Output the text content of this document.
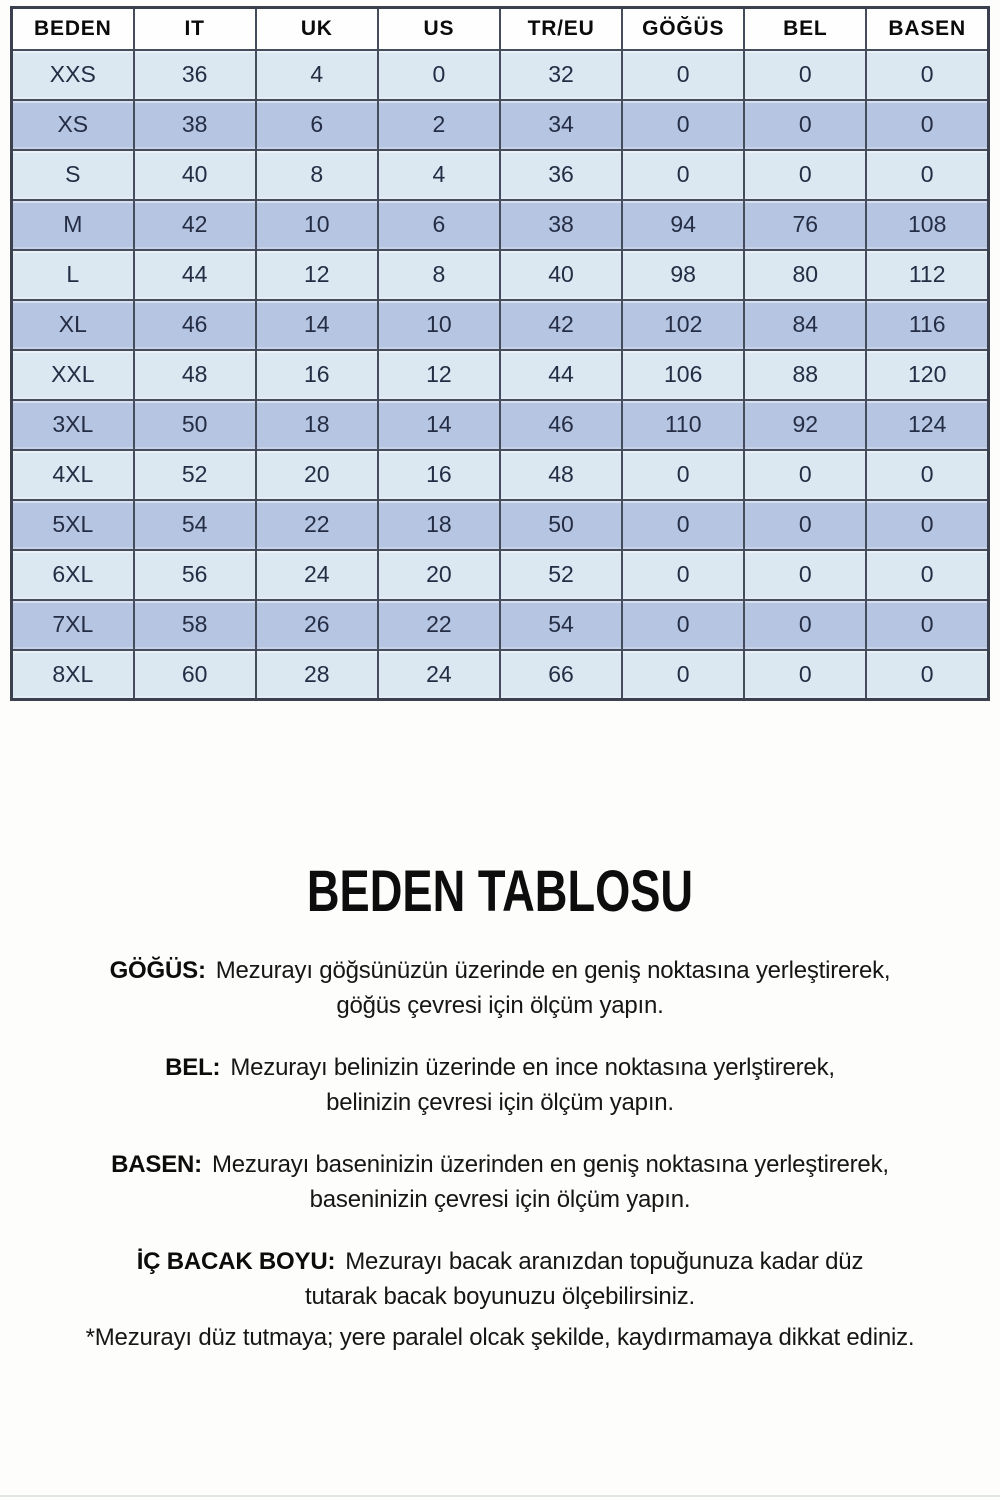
BEDEN	IT	UK	US	TR/EU	GÖĞÜS	BEL	BASEN
XXS	36	4	0	32	0	0	0
XS	38	6	2	34	0	0	0
S	40	8	4	36	0	0	0
M	42	10	6	38	94	76	108
L	44	12	8	40	98	80	112
XL	46	14	10	42	102	84	116
XXL	48	16	12	44	106	88	120
3XL	50	18	14	46	110	92	124
4XL	52	20	16	48	0	0	0
5XL	54	22	18	50	0	0	0
6XL	56	24	20	52	0	0	0
7XL	58	26	22	54	0	0	0
8XL	60	28	24	66	0	0	0
BEDEN TABLOSU

GÖĞÜS: Mezurayı göğsünüzün üzerinde en geniş noktasına yerleştirerek,
göğüs çevresi için ölçüm yapın.

BEL: Mezurayı belinizin üzerinde en ince noktasına yerlştirerek,
belinizin çevresi için ölçüm yapın.

BASEN: Mezurayı baseninizin üzerinden en geniş noktasına yerleştirerek,
baseninizin çevresi için ölçüm yapın.

İÇ BACAK BOYU: Mezurayı bacak aranızdan topuğunuza kadar düz
tutarak bacak boyunuzu ölçebilirsiniz.

*Mezurayı düz tutmaya; yere paralel olcak şekilde, kaydırmamaya dikkat ediniz.
